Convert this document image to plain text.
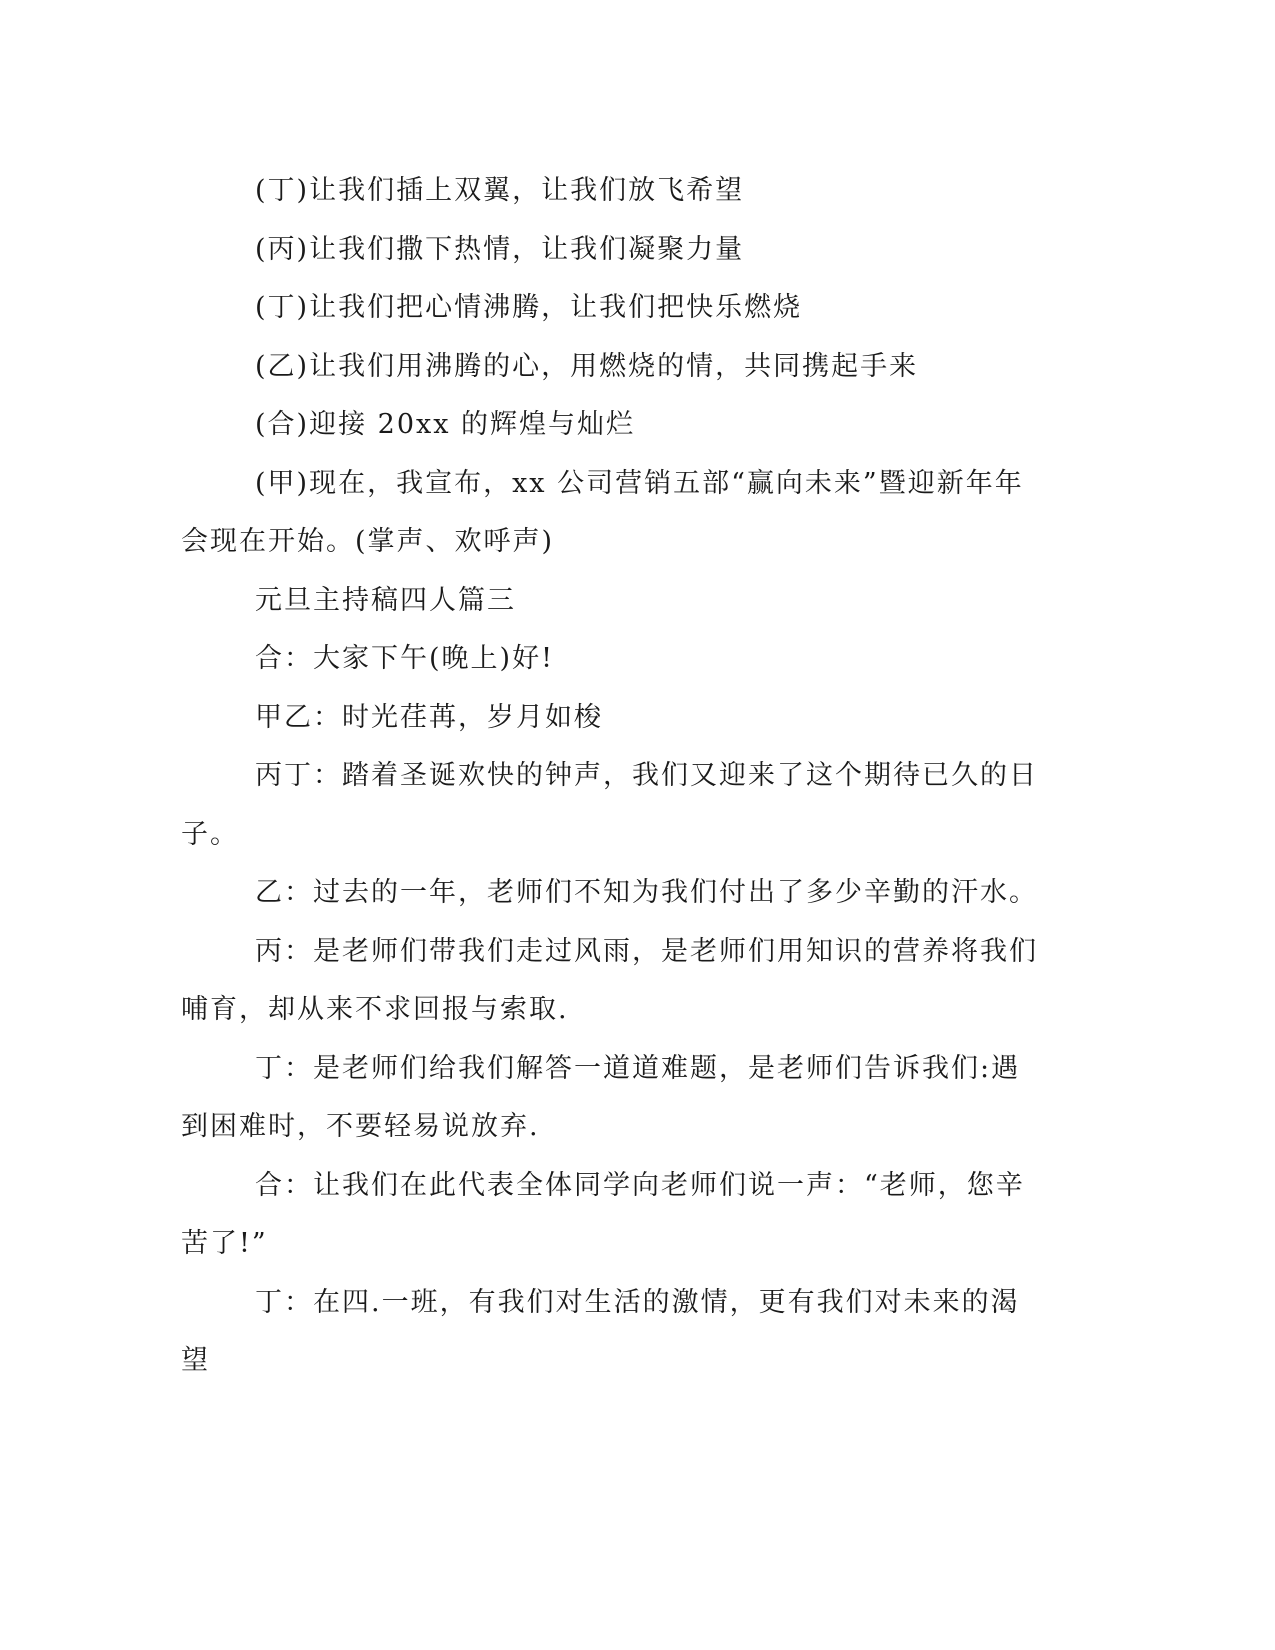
(丁)让我们插上双翼，让我们放飞希望

(丙)让我们撒下热情，让我们凝聚力量

(丁)让我们把心情沸腾，让我们把快乐燃烧

(乙)让我们用沸腾的心，用燃烧的情，共同携起手来

(合)迎接 20xx 的辉煌与灿烂

(甲)现在，我宣布，xx 公司营销五部“赢向未来”暨迎新年年会现在开始。(掌声、欢呼声)

元旦主持稿四人篇三

合：大家下午(晚上)好!

甲乙：时光荏苒，岁月如梭

丙丁：踏着圣诞欢快的钟声，我们又迎来了这个期待已久的日子。

乙：过去的一年，老师们不知为我们付出了多少辛勤的汗水。

丙：是老师们带我们走过风雨，是老师们用知识的营养将我们哺育，却从来不求回报与索取.

丁：是老师们给我们解答一道道难题，是老师们告诉我们:遇到困难时，不要轻易说放弃.

合：让我们在此代表全体同学向老师们说一声：“老师，您辛苦了!”

丁：在四.一班，有我们对生活的激情，更有我们对未来的渴望
